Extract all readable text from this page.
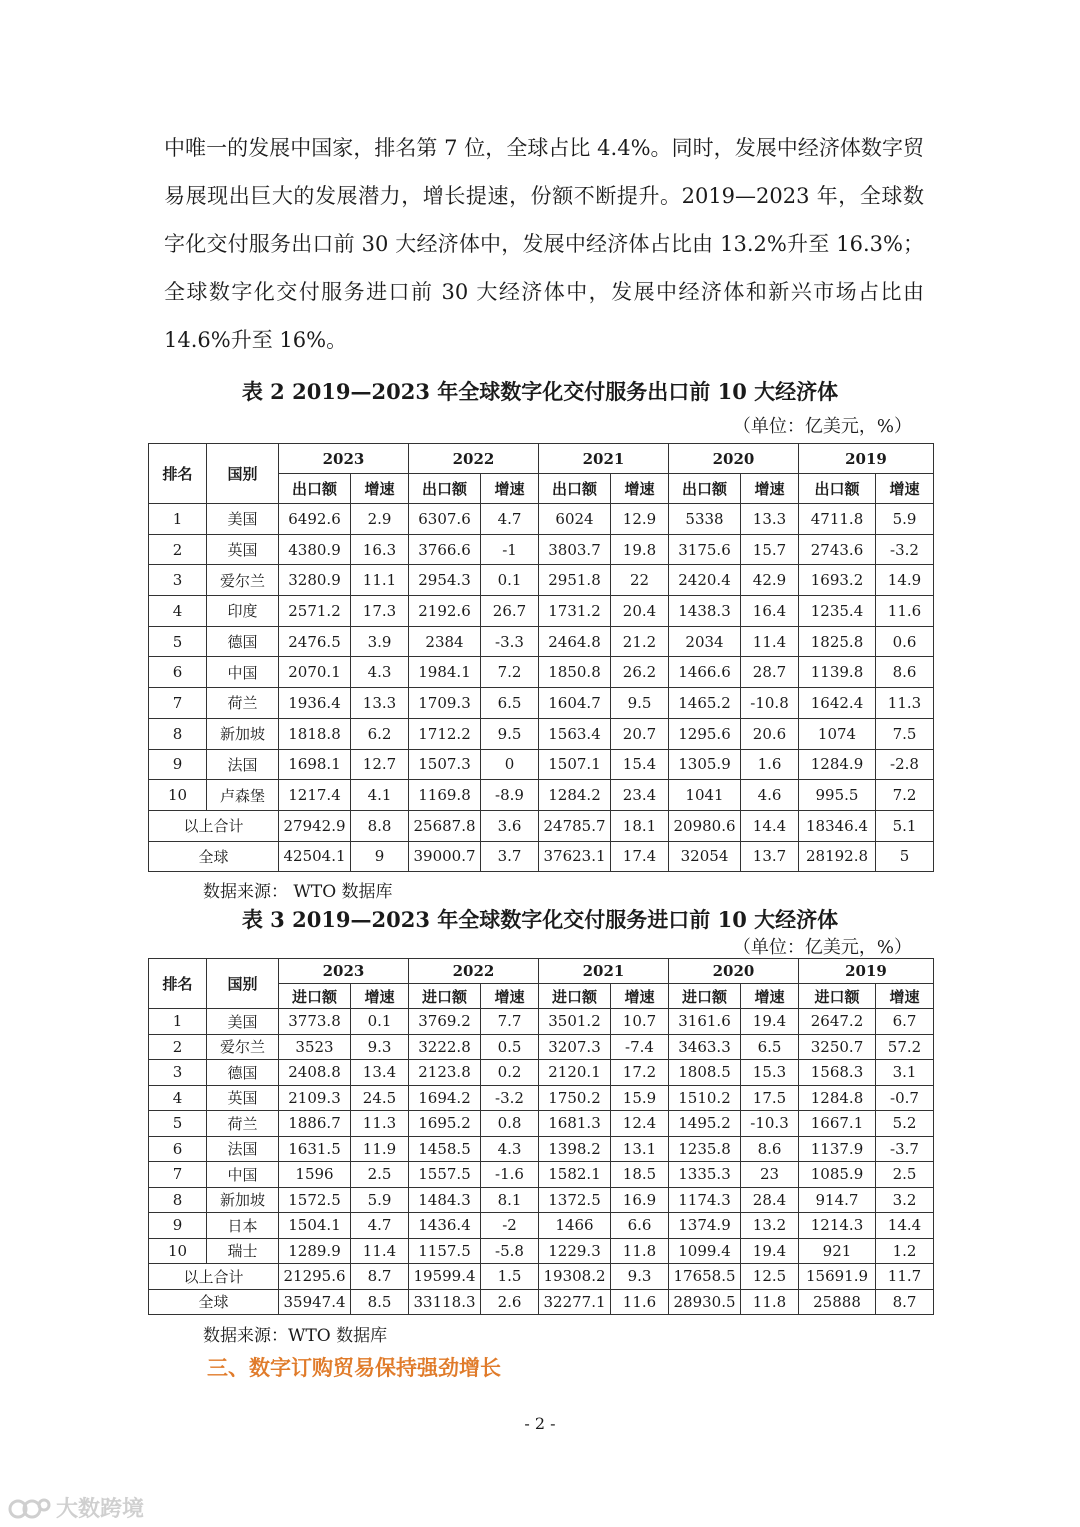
中唯一的发展中国家，排名第 7 位，全球占比 4.4%。同时，发展中经济体数字贸易展现出巨大的发展潜力，增长提速，份额不断提升。2019—2023 年，全球数字化交付服务出口前 30 大经济体中，发展中经济体占比由 13.2%升至 16.3%；全球数字化交付服务进口前 30 大经济体中，发展中经济体和新兴市场占比由 14.6%升至 16%。

表 2 2019—2023 年全球数字化交付服务出口前 10 大经济体
（单位：亿美元，%）
排名	国别	2023		2022		2021		2020		2019	
		出口额	增速	出口额	增速	出口额	增速	出口额	增速	出口额	增速
1	美国	6492.6	2.9	6307.6	4.7	6024	12.9	5338	13.3	4711.8	5.9
2	英国	4380.9	16.3	3766.6	-1	3803.7	19.8	3175.6	15.7	2743.6	-3.2
3	爱尔兰	3280.9	11.1	2954.3	0.1	2951.8	22	2420.4	42.9	1693.2	14.9
4	印度	2571.2	17.3	2192.6	26.7	1731.2	20.4	1438.3	16.4	1235.4	11.6
5	德国	2476.5	3.9	2384	-3.3	2464.8	21.2	2034	11.4	1825.8	0.6
6	中国	2070.1	4.3	1984.1	7.2	1850.8	26.2	1466.6	28.7	1139.8	8.6
7	荷兰	1936.4	13.3	1709.3	6.5	1604.7	9.5	1465.2	-10.8	1642.4	11.3
8	新加坡	1818.8	6.2	1712.2	9.5	1563.4	20.7	1295.6	20.6	1074	7.5
9	法国	1698.1	12.7	1507.3	0	1507.1	15.4	1305.9	1.6	1284.9	-2.8
10	卢森堡	1217.4	4.1	1169.8	-8.9	1284.2	23.4	1041	4.6	995.5	7.2
以上合计		27942.9	8.8	25687.8	3.6	24785.7	18.1	20980.6	14.4	18346.4	5.1
全球		42504.1	9	39000.7	3.7	37623.1	17.4	32054	13.7	28192.8	5
数据来源： WTO 数据库
表 3 2019—2023 年全球数字化交付服务进口前 10 大经济体
（单位：亿美元，%）
排名	国别	2023		2022		2021		2020		2019	
		进口额	增速	进口额	增速	进口额	增速	进口额	增速	进口额	增速
1	美国	3773.8	0.1	3769.2	7.7	3501.2	10.7	3161.6	19.4	2647.2	6.7
2	爱尔兰	3523	9.3	3222.8	0.5	3207.3	-7.4	3463.3	6.5	3250.7	57.2
3	德国	2408.8	13.4	2123.8	0.2	2120.1	17.2	1808.5	15.3	1568.3	3.1
4	英国	2109.3	24.5	1694.2	-3.2	1750.2	15.9	1510.2	17.5	1284.8	-0.7
5	荷兰	1886.7	11.3	1695.2	0.8	1681.3	12.4	1495.2	-10.3	1667.1	5.2
6	法国	1631.5	11.9	1458.5	4.3	1398.2	13.1	1235.8	8.6	1137.9	-3.7
7	中国	1596	2.5	1557.5	-1.6	1582.1	18.5	1335.3	23	1085.9	2.5
8	新加坡	1572.5	5.9	1484.3	8.1	1372.5	16.9	1174.3	28.4	914.7	3.2
9	日本	1504.1	4.7	1436.4	-2	1466	6.6	1374.9	13.2	1214.3	14.4
10	瑞士	1289.9	11.4	1157.5	-5.8	1229.3	11.8	1099.4	19.4	921	1.2
以上合计		21295.6	8.7	19599.4	1.5	19308.2	9.3	17658.5	12.5	15691.9	11.7
全球		35947.4	8.5	33118.3	2.6	32277.1	11.6	28930.5	11.8	25888	8.7
数据来源：WTO 数据库
三、数字订购贸易保持强劲增长
- 2 -
大数跨境
